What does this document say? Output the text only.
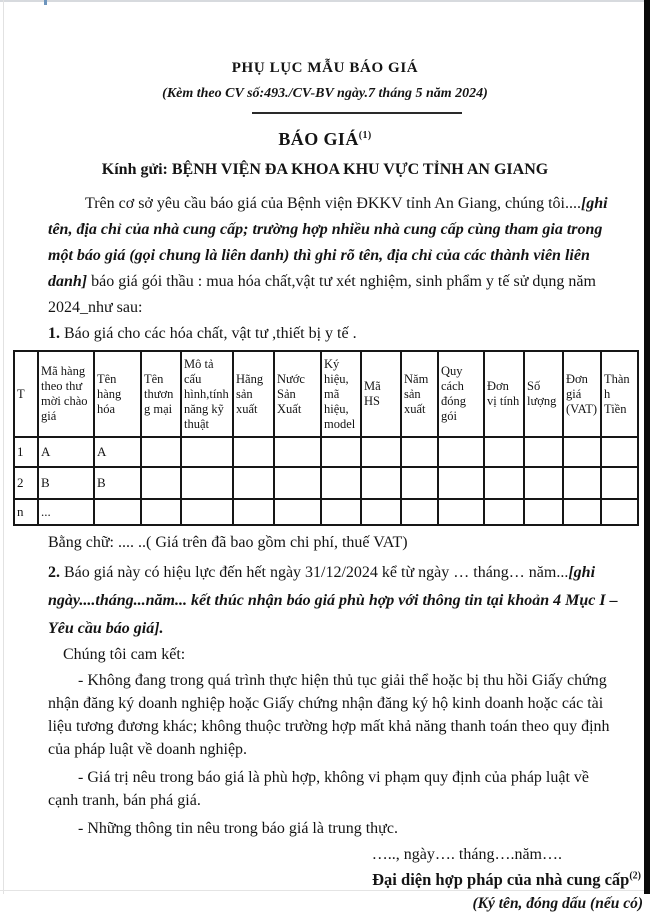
PHỤ LỤC MẪU BÁO GIÁ
(Kèm theo CV số:493./CV-BV ngày.7 tháng 5 năm 2024)
BÁO GIÁ$^{(1)}$
Kính gửi: BỆNH VIỆN ĐA KHOA KHU VỰC TỈNH AN GIANG

Trên cơ sở yêu cầu báo giá của Bệnh viện ĐKKV tỉnh An Giang, chúng tôi....[ghi tên, địa chỉ của nhà cung cấp; trường hợp nhiều nhà cung cấp cùng tham gia trong một báo giá (gọi chung là liên danh) thì ghi rõ tên, địa chỉ của các thành viên liên danh] báo giá gói thầu : mua hóa chất,vật tư xét nghiệm, sinh phẩm y tế sử dụng năm 2024_như sau:

1. Báo giá cho các hóa chất, vật tư ,thiết bị y tế .

T	Mã hàng theo thư mời chào giá	Tên hàng hóa	Tên thương mại	Mô tả cấu hình,tính năng kỹ thuật	Hãng sản xuất	Nước Sản Xuất	Ký hiệu, mã hiệu,model	Mã HS	Năm sản xuất	Quy cách đóng gói	Đơn vị tính	Số lượng	Đơn giá (VAT)	Thành Tiền
1	A	A												
2	B	B												
n	...													

Bằng chữ: .... ..( Giá trên đã bao gồm chi phí, thuế VAT)

2. Báo giá này có hiệu lực đến hết ngày 31/12/2024 kể từ ngày … tháng… năm...[ghi ngày....tháng...năm... kết thúc nhận báo giá phù hợp với thông tin tại khoản 4 Mục I – Yêu cầu báo giá].

Chúng tôi cam kết:

- Không đang trong quá trình thực hiện thủ tục giải thể hoặc bị thu hồi Giấy chứng nhận đăng ký doanh nghiệp hoặc Giấy chứng nhận đăng ký hộ kinh doanh hoặc các tài liệu tương đương khác; không thuộc trường hợp mất khả năng thanh toán theo quy định của pháp luật về doanh nghiệp.

- Giá trị nêu trong báo giá là phù hợp, không vi phạm quy định của pháp luật về cạnh tranh, bán phá giá.

- Những thông tin nêu trong báo giá là trung thực.

….., ngày…. tháng….năm….
Đại diện hợp pháp của nhà cung cấp$^{(2)}$
(Ký tên, đóng dấu (nếu có)
